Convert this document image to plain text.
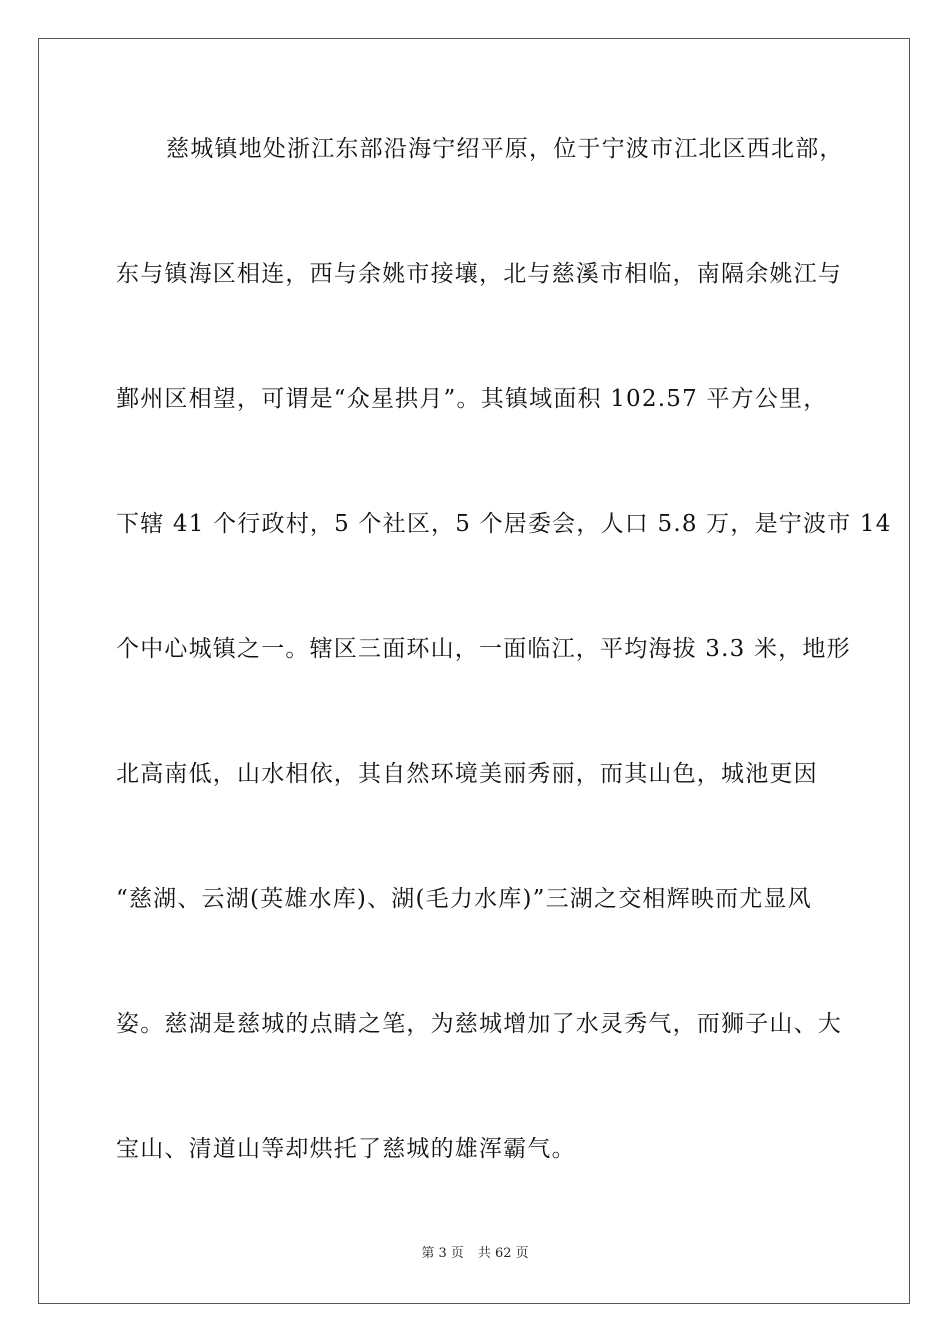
慈城镇地处浙江东部沿海宁绍平原，位于宁波市江北区西北部，
东与镇海区相连，西与余姚市接壤，北与慈溪市相临，南隔余姚江与
鄞州区相望，可谓是“众星拱月”。其镇域面积 102.57 平方公里，
下辖 41 个行政村，5 个社区，5 个居委会，人口 5.8 万，是宁波市 14
个中心城镇之一。辖区三面环山，一面临江，平均海拔 3.3 米，地形
北高南低，山水相依，其自然环境美丽秀丽，而其山色，城池更因
“慈湖、云湖(英雄水库)、湖(毛力水库)”三湖之交相辉映而尤显风
姿。慈湖是慈城的点睛之笔，为慈城增加了水灵秀气，而狮子山、大
宝山、清道山等却烘托了慈城的雄浑霸气。
第 3 页 共 62 页
